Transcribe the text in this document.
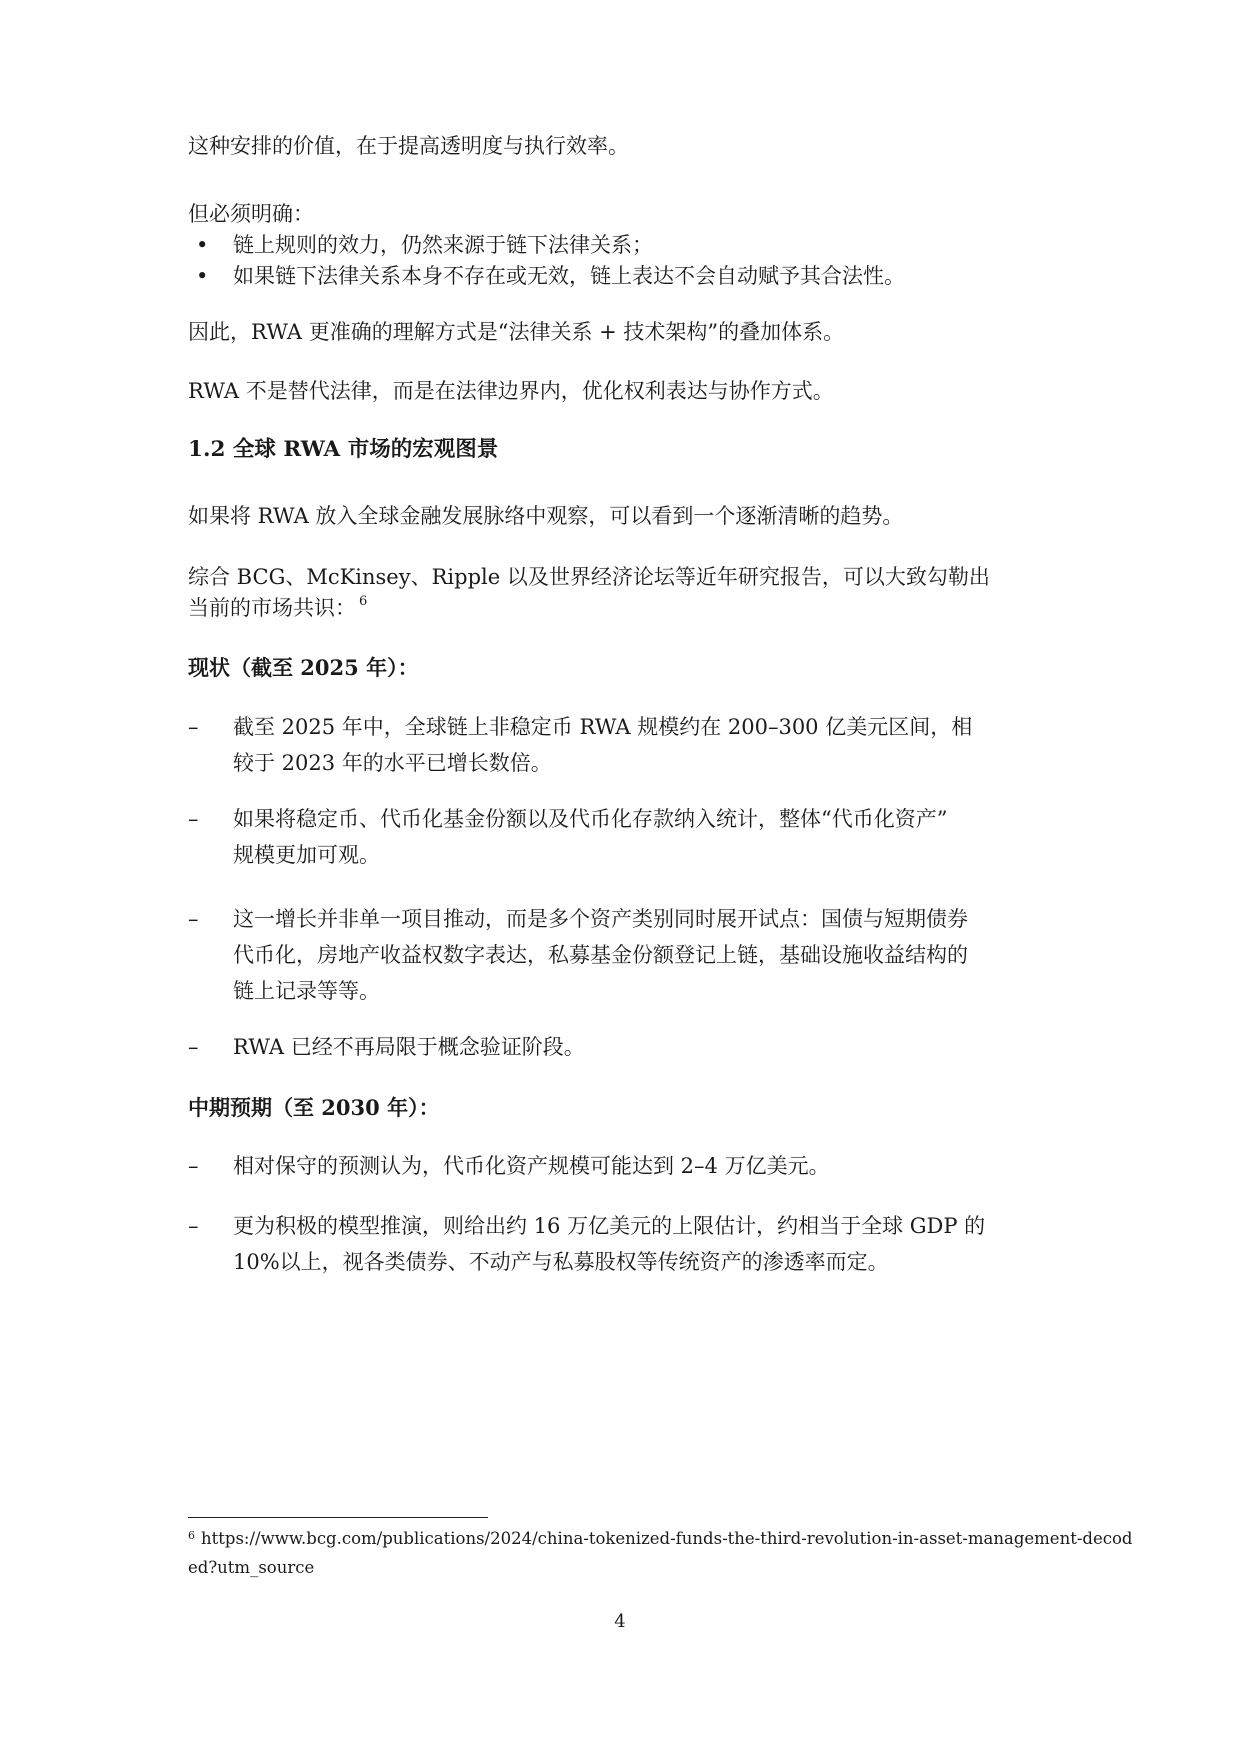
这种安排的价值，在于提高透明度与执行效率。

但必须明确：

• 链上规则的效力，仍然来源于链下法律关系；
• 如果链下法律关系本身不存在或无效，链上表达不会自动赋予其合法性。

因此，RWA 更准确的理解方式是“法律关系 + 技术架构”的叠加体系。

RWA 不是替代法律，而是在法律边界内，优化权利表达与协作方式。

1.2 全球 RWA 市场的宏观图景

如果将 RWA 放入全球金融发展脉络中观察，可以看到一个逐渐清晰的趋势。

综合 BCG、McKinsey、Ripple 以及世界经济论坛等近年研究报告，可以大致勾勒出

当前的市场共识： $^6$

现状（截至 2025 年）：
– 截至 2025 年中，全球链上非稳定币 RWA 规模约在 200–300 亿美元区间，相
较于 2023 年的水平已增长数倍。
– 如果将稳定币、代币化基金份额以及代币化存款纳入统计，整体“代币化资产”
规模更加可观。
– 这一增长并非单一项目推动，而是多个资产类别同时展开试点：国债与短期债券
代币化，房地产收益权数字表达，私募基金份额登记上链，基础设施收益结构的
链上记录等等。
– RWA 已经不再局限于概念验证阶段。
中期预期（至 2030 年）：
– 相对保守的预测认为，代币化资产规模可能达到 2–4 万亿美元。
– 更为积极的模型推演，则给出约 16 万亿美元的上限估计，约相当于全球 GDP 的
10%以上，视各类债券、不动产与私募股权等传统资产的渗透率而定。
$^6$ https://www.bcg.com/publications/2024/china-tokenized-funds-the-third-revolution-in-asset-management-decod
ed?utm_source
4
